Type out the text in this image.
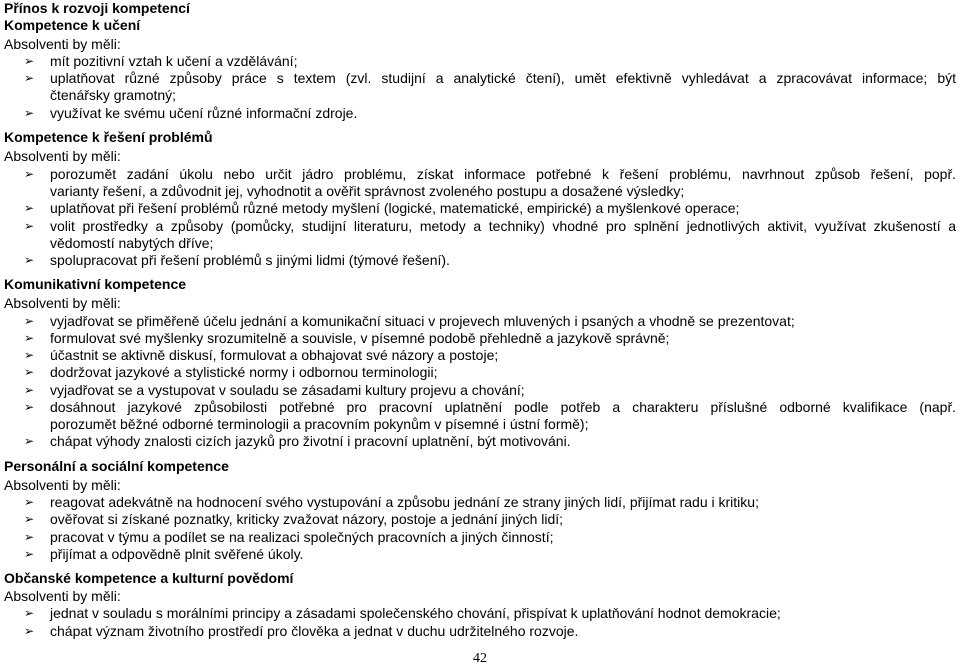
Přínos k rozvoji kompetencí
Kompetence k učení
Absolventi by měli:
➢ mít pozitivní vztah k učení a vzdělávání;
➢ uplatňovat různé způsoby práce s textem (zvl. studijní a analytické čtení), umět efektivně vyhledávat a zpracovávat informace; být
čtenářsky gramotný;
➢ využívat ke svému učení různé informační zdroje.
Kompetence k řešení problémů
Absolventi by měli:
➢ porozumět zadání úkolu nebo určit jádro problému, získat informace potřebné k řešení problému, navrhnout způsob řešení, popř.
varianty řešení, a zdůvodnit jej, vyhodnotit a ověřit správnost zvoleného postupu a dosažené výsledky;
➢ uplatňovat při řešení problémů různé metody myšlení (logické, matematické, empirické) a myšlenkové operace;
➢ volit prostředky a způsoby (pomůcky, studijní literaturu, metody a techniky) vhodné pro splnění jednotlivých aktivit, využívat zkušeností a
vědomostí nabytých dříve;
➢ spolupracovat při řešení problémů s jinými lidmi (týmové řešení).
Komunikativní kompetence
Absolventi by měli:
➢ vyjadřovat se přiměřeně účelu jednání a komunikační situaci v projevech mluvených i psaných a vhodně se prezentovat;
➢ formulovat své myšlenky srozumitelně a souvisle, v písemné podobě přehledně a jazykově správně;
➢ účastnit se aktivně diskusí, formulovat a obhajovat své názory a postoje;
➢ dodržovat jazykové a stylistické normy i odbornou terminologii;
➢ vyjadřovat se a vystupovat v souladu se zásadami kultury projevu a chování;
➢ dosáhnout jazykové způsobilosti potřebné pro pracovní uplatnění podle potřeb a charakteru příslušné odborné kvalifikace (např.
porozumět běžné odborné terminologii a pracovním pokynům v písemné i ústní formě);
➢ chápat výhody znalosti cizích jazyků pro životní i pracovní uplatnění, být motivováni.
Personální a sociální kompetence
Absolventi by měli:
➢ reagovat adekvátně na hodnocení svého vystupování a způsobu jednání ze strany jiných lidí, přijímat radu i kritiku;
➢ ověřovat si získané poznatky, kriticky zvažovat názory, postoje a jednání jiných lidí;
➢ pracovat v týmu a podílet se na realizaci společných pracovních a jiných činností;
➢ přijímat a odpovědně plnit svěřené úkoly.
Občanské kompetence a kulturní povědomí
Absolventi by měli:
➢ jednat v souladu s morálními principy a zásadami společenského chování, přispívat k uplatňování hodnot demokracie;
➢ chápat význam životního prostředí pro člověka a jednat v duchu udržitelného rozvoje.
42
